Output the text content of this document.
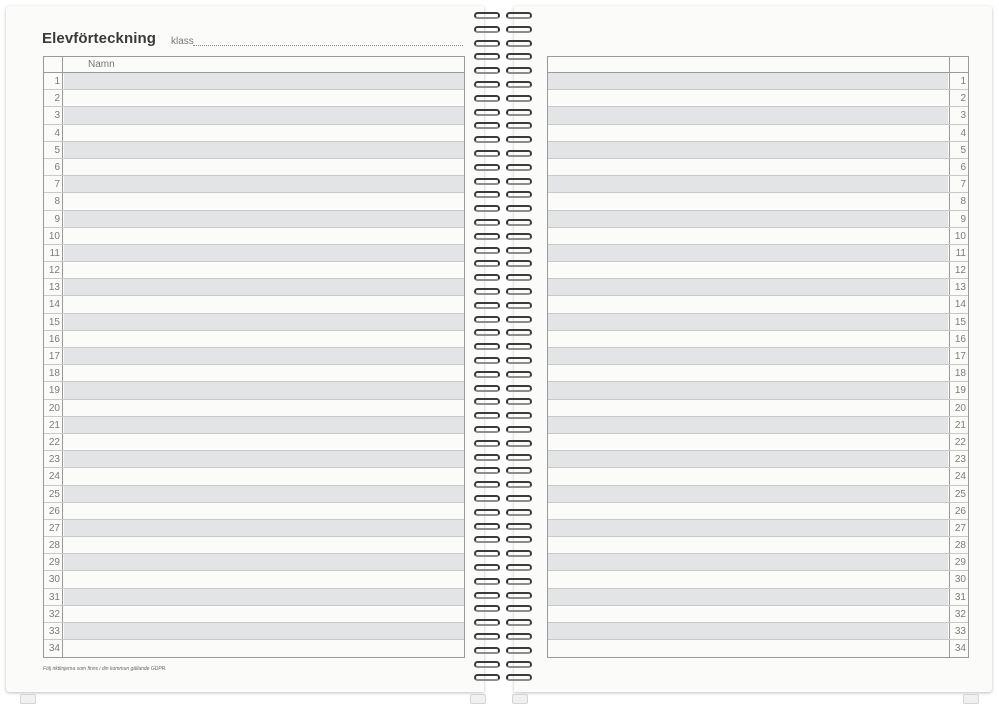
Elevförteckning klass
Namn
1
2
3
4
5
6
7
8
9
10
11
12
13
14
15
16
17
18
19
20
21
22
23
24
25
26
27
28
29
30
31
32
33
34
1
2
3
4
5
6
7
8
9
10
11
12
13
14
15
16
17
18
19
20
21
22
23
24
25
26
27
28
29
30
31
32
33
34
Följ riktlinjerna som finns i din kommun gällande GDPR.
